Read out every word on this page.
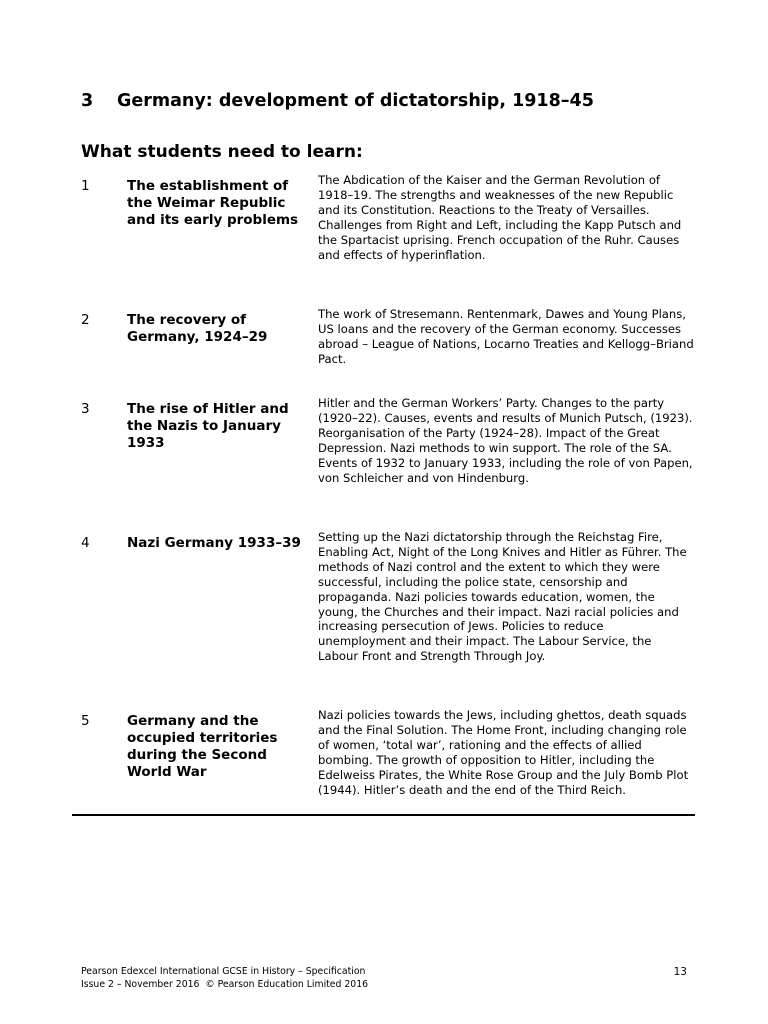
3 Germany: development of dictatorship, 1918–45
What students need to learn:
1	The establishment of the Weimar Republic and its early problems
The Abdication of the Kaiser and the German Revolution of 1918–19. The strengths and weaknesses of the new Republic and its Constitution. Reactions to the Treaty of Versailles. Challenges from Right and Left, including the Kapp Putsch and the Spartacist uprising. French occupation of the Ruhr. Causes and effects of hyperinflation.
2	The recovery of Germany, 1924–29
The work of Stresemann. Rentenmark, Dawes and Young Plans, US loans and the recovery of the German economy. Successes abroad – League of Nations, Locarno Treaties and Kellogg–Briand Pact.
3	The rise of Hitler and the Nazis to January 1933
Hitler and the German Workers’ Party. Changes to the party (1920–22). Causes, events and results of Munich Putsch, (1923). Reorganisation of the Party (1924–28). Impact of the Great Depression. Nazi methods to win support. The role of the SA. Events of 1932 to January 1933, including the role of von Papen, von Schleicher and von Hindenburg.
4	Nazi Germany 1933–39	Setting up the Nazi dictatorship through the Reichstag Fire, Enabling Act, Night of the Long Knives and Hitler as Führer. The methods of Nazi control and the extent to which they were successful, including the police state, censorship and propaganda. Nazi policies towards education, women, the young, the Churches and their impact. Nazi racial policies and increasing persecution of Jews. Policies to reduce unemployment and their impact. The Labour Service, the Labour Front and Strength Through Joy.
5	Germany and the occupied territories during the Second World War
Nazi policies towards the Jews, including ghettos, death squads and the Final Solution. The Home Front, including changing role of women, ‘total war’, rationing and the effects of allied bombing. The growth of opposition to Hitler, including the Edelweiss Pirates, the White Rose Group and the July Bomb Plot (1944). Hitler’s death and the end of the Third Reich.
Pearson Edexcel International GCSE in History – Specification
Issue 2 – November 2016  © Pearson Education Limited 2016
13
